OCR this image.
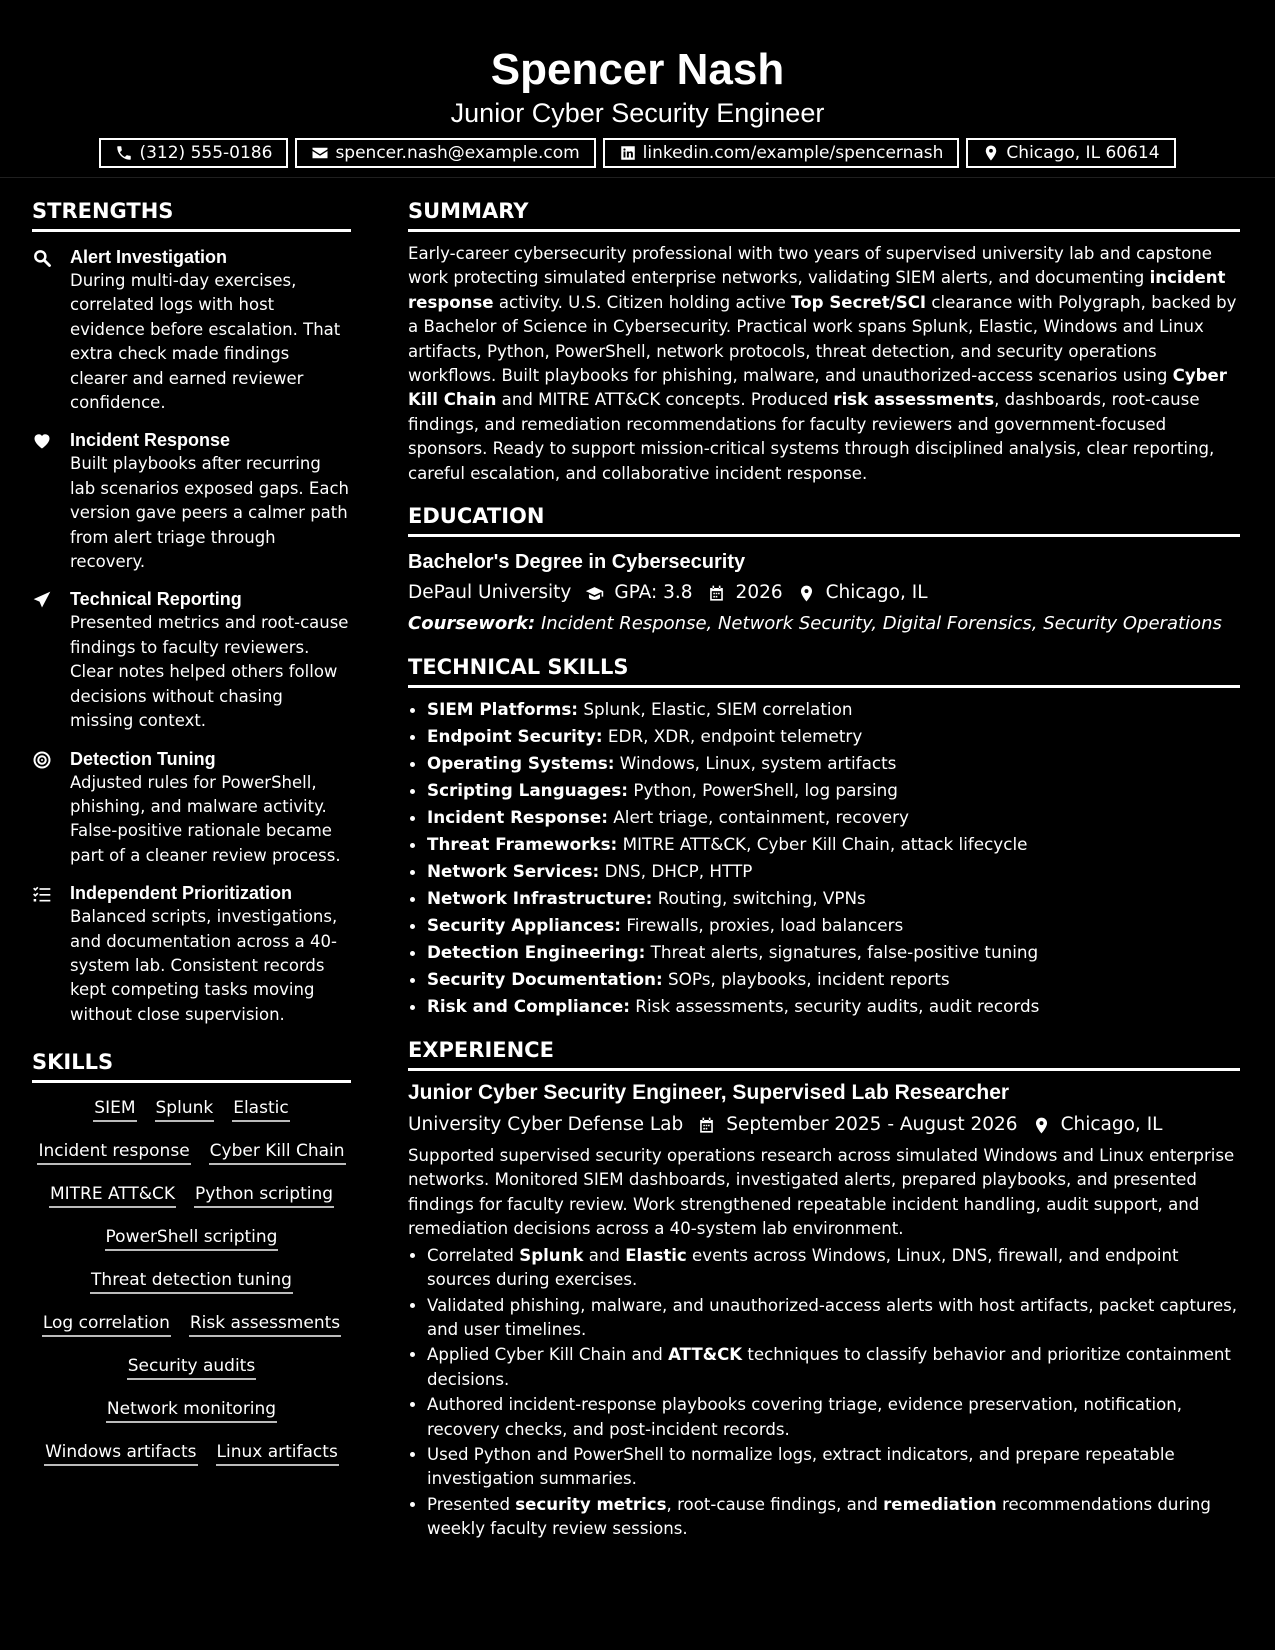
Spencer Nash
Junior Cyber Security Engineer
(312) 555-0186	spencer.nash@example.com	linkedin.com/example/spencernash	Chicago, IL 60614
STRENGTHS
Alert Investigation
During multi-day exercises, correlated logs with host evidence before escalation. That extra check made findings clearer and earned reviewer confidence.
Incident Response
Built playbooks after recurring lab scenarios exposed gaps. Each version gave peers a calmer path from alert triage through recovery.
Technical Reporting
Presented metrics and root-cause findings to faculty reviewers. Clear notes helped others follow decisions without chasing missing context.
Detection Tuning
Adjusted rules for PowerShell, phishing, and malware activity. False-positive rationale became part of a cleaner review process.
Independent Prioritization
Balanced scripts, investigations, and documentation across a 40-system lab. Consistent records kept competing tasks moving without close supervision.
SKILLS
SIEM Splunk Elastic
Incident response Cyber Kill Chain
MITRE ATT&CK Python scripting
PowerShell scripting
Threat detection tuning
Log correlation Risk assessments
Security audits
Network monitoring
Windows artifacts Linux artifacts
SUMMARY
Early-career cybersecurity professional with two years of supervised university lab and capstone work protecting simulated enterprise networks, validating SIEM alerts, and documenting incident response activity. U.S. Citizen holding active Top Secret/SCI clearance with Polygraph, backed by a Bachelor of Science in Cybersecurity. Practical work spans Splunk, Elastic, Windows and Linux artifacts, Python, PowerShell, network protocols, threat detection, and security operations workflows. Built playbooks for phishing, malware, and unauthorized-access scenarios using Cyber Kill Chain and MITRE ATT&CK concepts. Produced risk assessments, dashboards, root-cause findings, and remediation recommendations for faculty reviewers and government-focused sponsors. Ready to support mission-critical systems through disciplined analysis, clear reporting, careful escalation, and collaborative incident response.
EDUCATION
Bachelor's Degree in Cybersecurity
DePaul University GPA: 3.8 2026 Chicago, IL
Coursework: Incident Response, Network Security, Digital Forensics, Security Operations
TECHNICAL SKILLS
• SIEM Platforms: Splunk, Elastic, SIEM correlation
• Endpoint Security: EDR, XDR, endpoint telemetry
• Operating Systems: Windows, Linux, system artifacts
• Scripting Languages: Python, PowerShell, log parsing
• Incident Response: Alert triage, containment, recovery
• Threat Frameworks: MITRE ATT&CK, Cyber Kill Chain, attack lifecycle
• Network Services: DNS, DHCP, HTTP
• Network Infrastructure: Routing, switching, VPNs
• Security Appliances: Firewalls, proxies, load balancers
• Detection Engineering: Threat alerts, signatures, false-positive tuning
• Security Documentation: SOPs, playbooks, incident reports
• Risk and Compliance: Risk assessments, security audits, audit records
EXPERIENCE
Junior Cyber Security Engineer, Supervised Lab Researcher
University Cyber Defense Lab September 2025 - August 2026 Chicago, IL
Supported supervised security operations research across simulated Windows and Linux enterprise networks. Monitored SIEM dashboards, investigated alerts, prepared playbooks, and presented findings for faculty review. Work strengthened repeatable incident handling, audit support, and remediation decisions across a 40-system lab environment.
• Correlated Splunk and Elastic events across Windows, Linux, DNS, firewall, and endpoint sources during exercises.
• Validated phishing, malware, and unauthorized-access alerts with host artifacts, packet captures, and user timelines.
• Applied Cyber Kill Chain and ATT&CK techniques to classify behavior and prioritize containment decisions.
• Authored incident-response playbooks covering triage, evidence preservation, notification, recovery checks, and post-incident records.
• Used Python and PowerShell to normalize logs, extract indicators, and prepare repeatable investigation summaries.
• Presented security metrics, root-cause findings, and remediation recommendations during weekly faculty review sessions.
